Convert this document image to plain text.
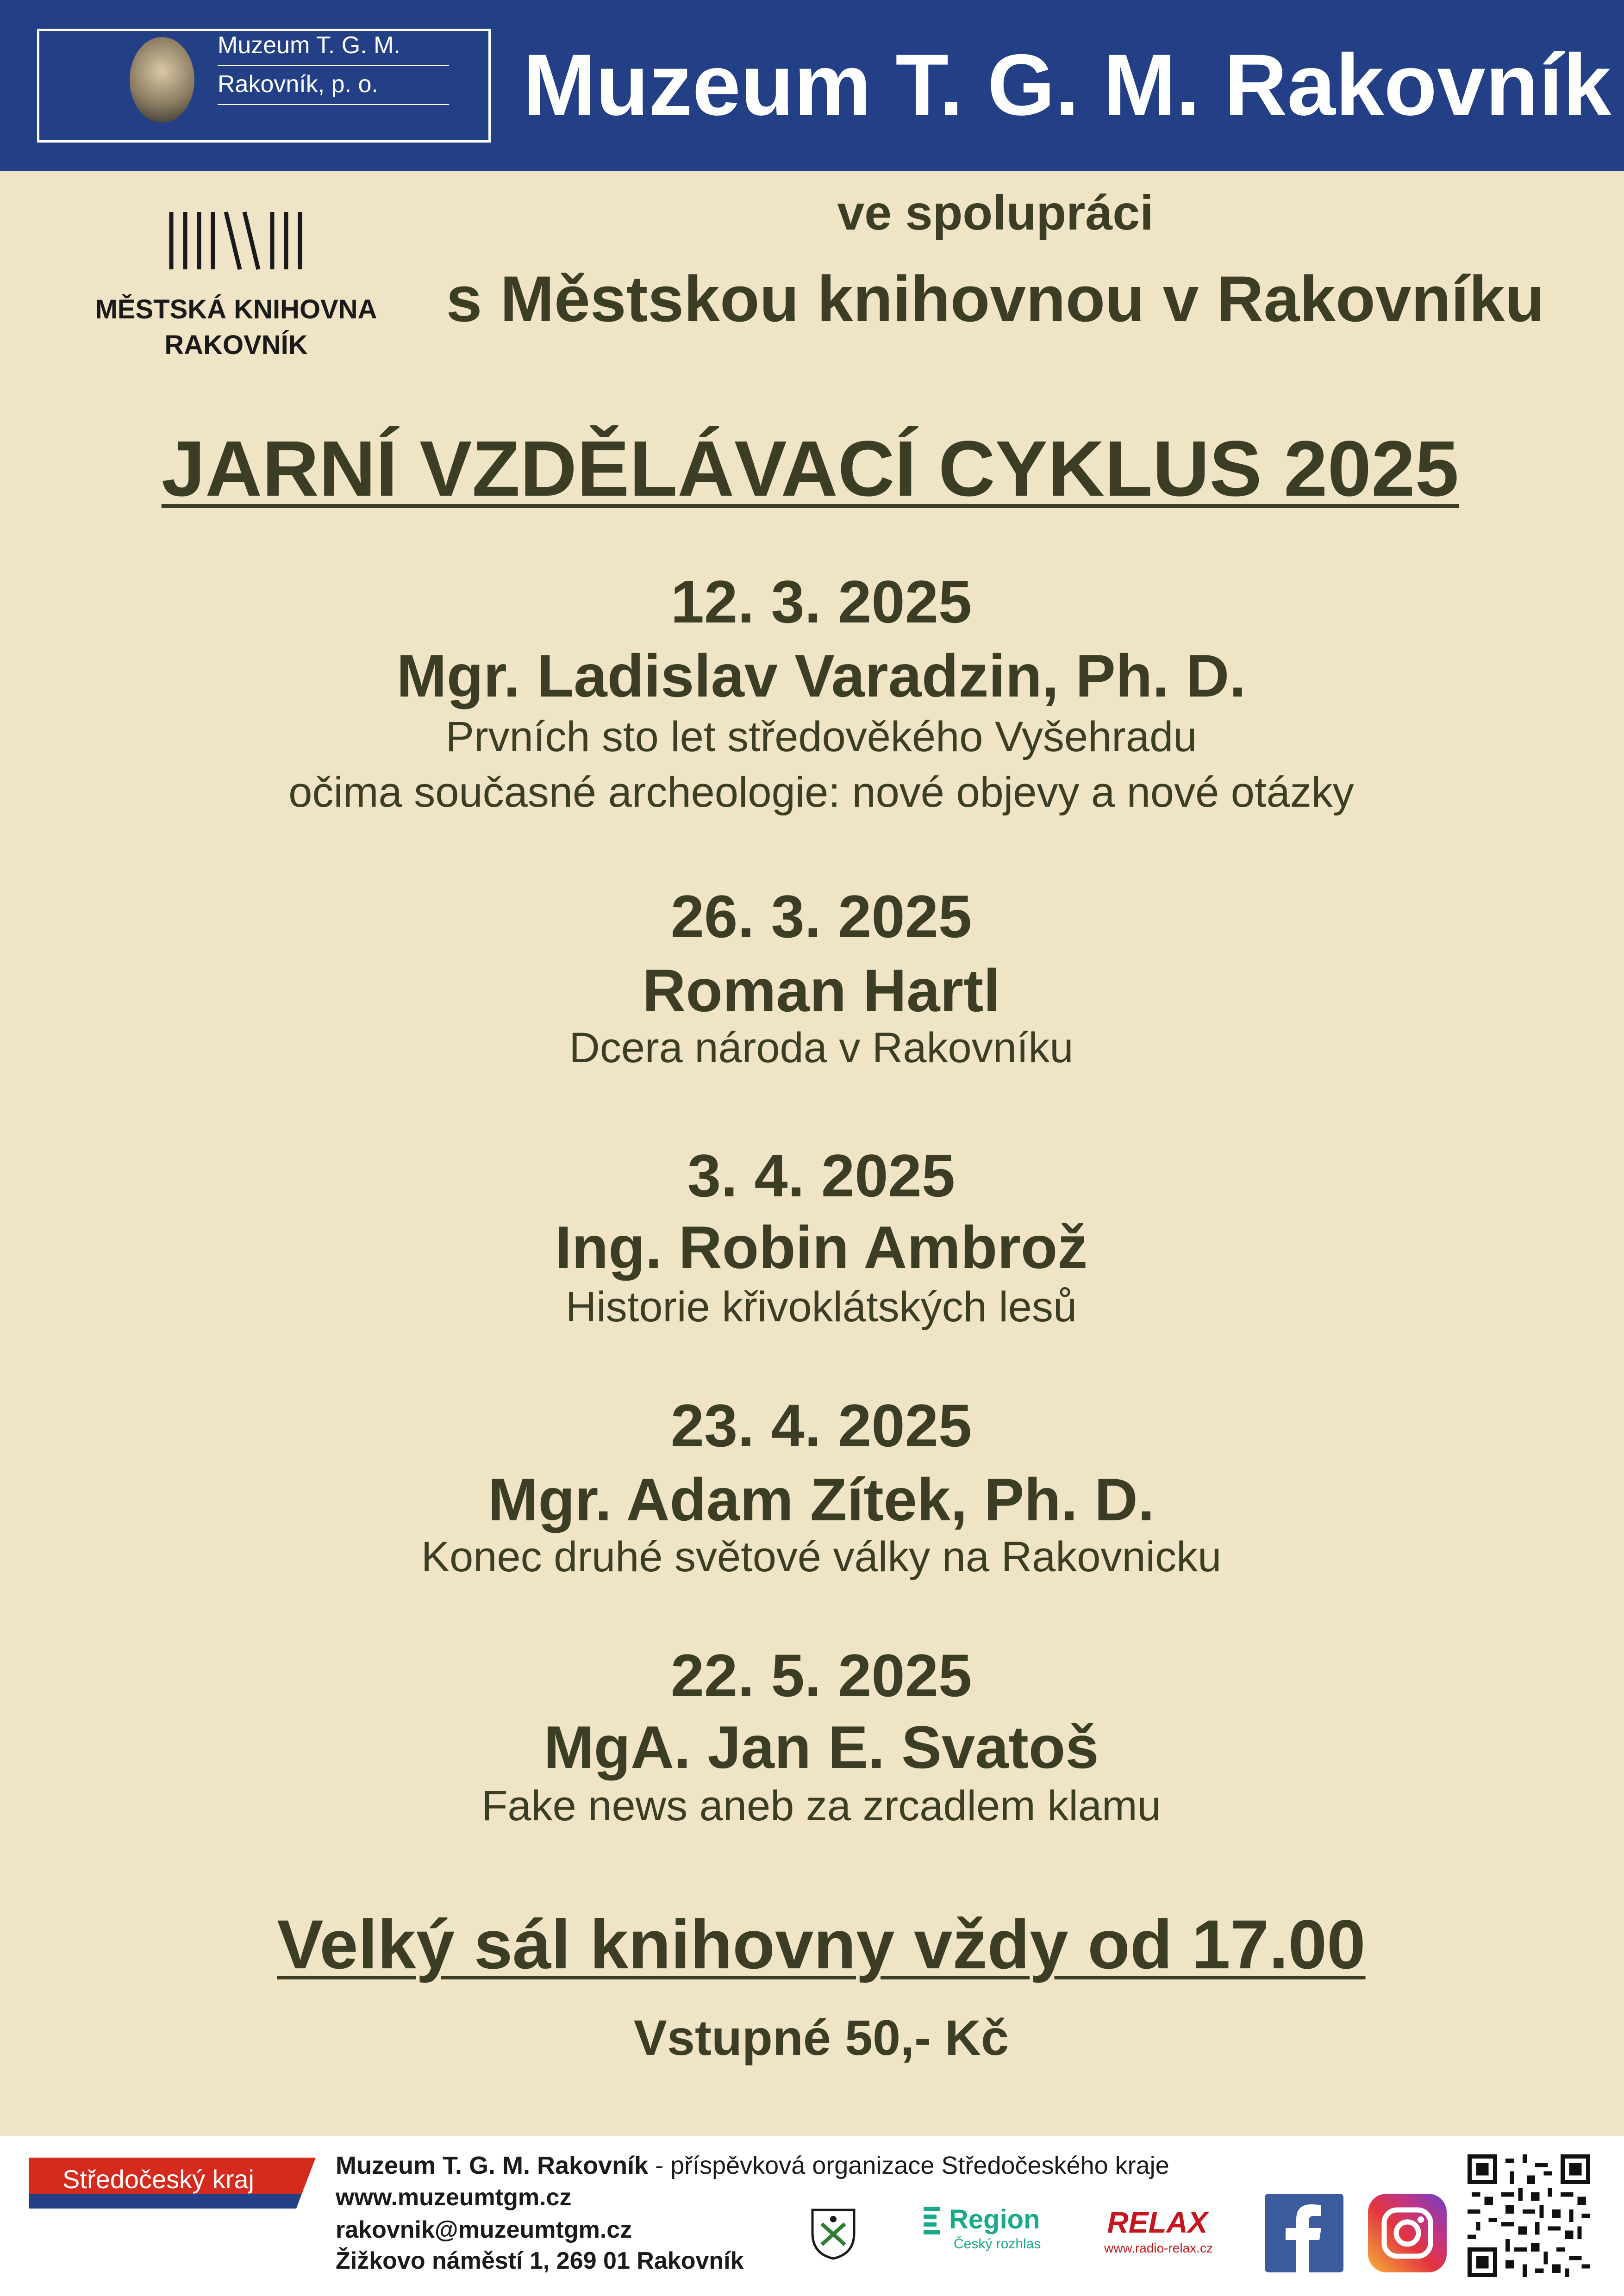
Muzeum T. G. M.
Rakovník, p. o. Muzeum T. G. M. Rakovník
MĚSTSKÁ KNIHOVNA
RAKOVNÍK
ve spolupráci
s Městskou knihovnou v Rakovníku
JARNÍ VZDĚLÁVACÍ CYKLUS 2025
12. 3. 2025
Mgr. Ladislav Varadzin, Ph. D.
Prvních sto let středověkého Vyšehradu
očima současné archeologie: nové objevy a nové otázky
26. 3. 2025
Roman Hartl
Dcera národa v Rakovníku
3. 4. 2025
Ing. Robin Ambrož
Historie křivoklátských lesů
23. 4. 2025
Mgr. Adam Zítek, Ph. D.
Konec druhé světové války na Rakovnicku
22. 5. 2025
MgA. Jan E. Svatoš
Fake news aneb za zrcadlem klamu
Velký sál knihovny vždy od 17.00
Vstupné 50,- Kč
Středočeský kraj	Muzeum T. G. M. Rakovník - příspěvková organizace Středočeského kraje
www.muzeumtgm.cz
rakovnik@muzeumtgm.cz
Žižkovo náměstí 1, 269 01 Rakovník
Region
Český rozhlas
RELAX
www.radio-relax.cz
